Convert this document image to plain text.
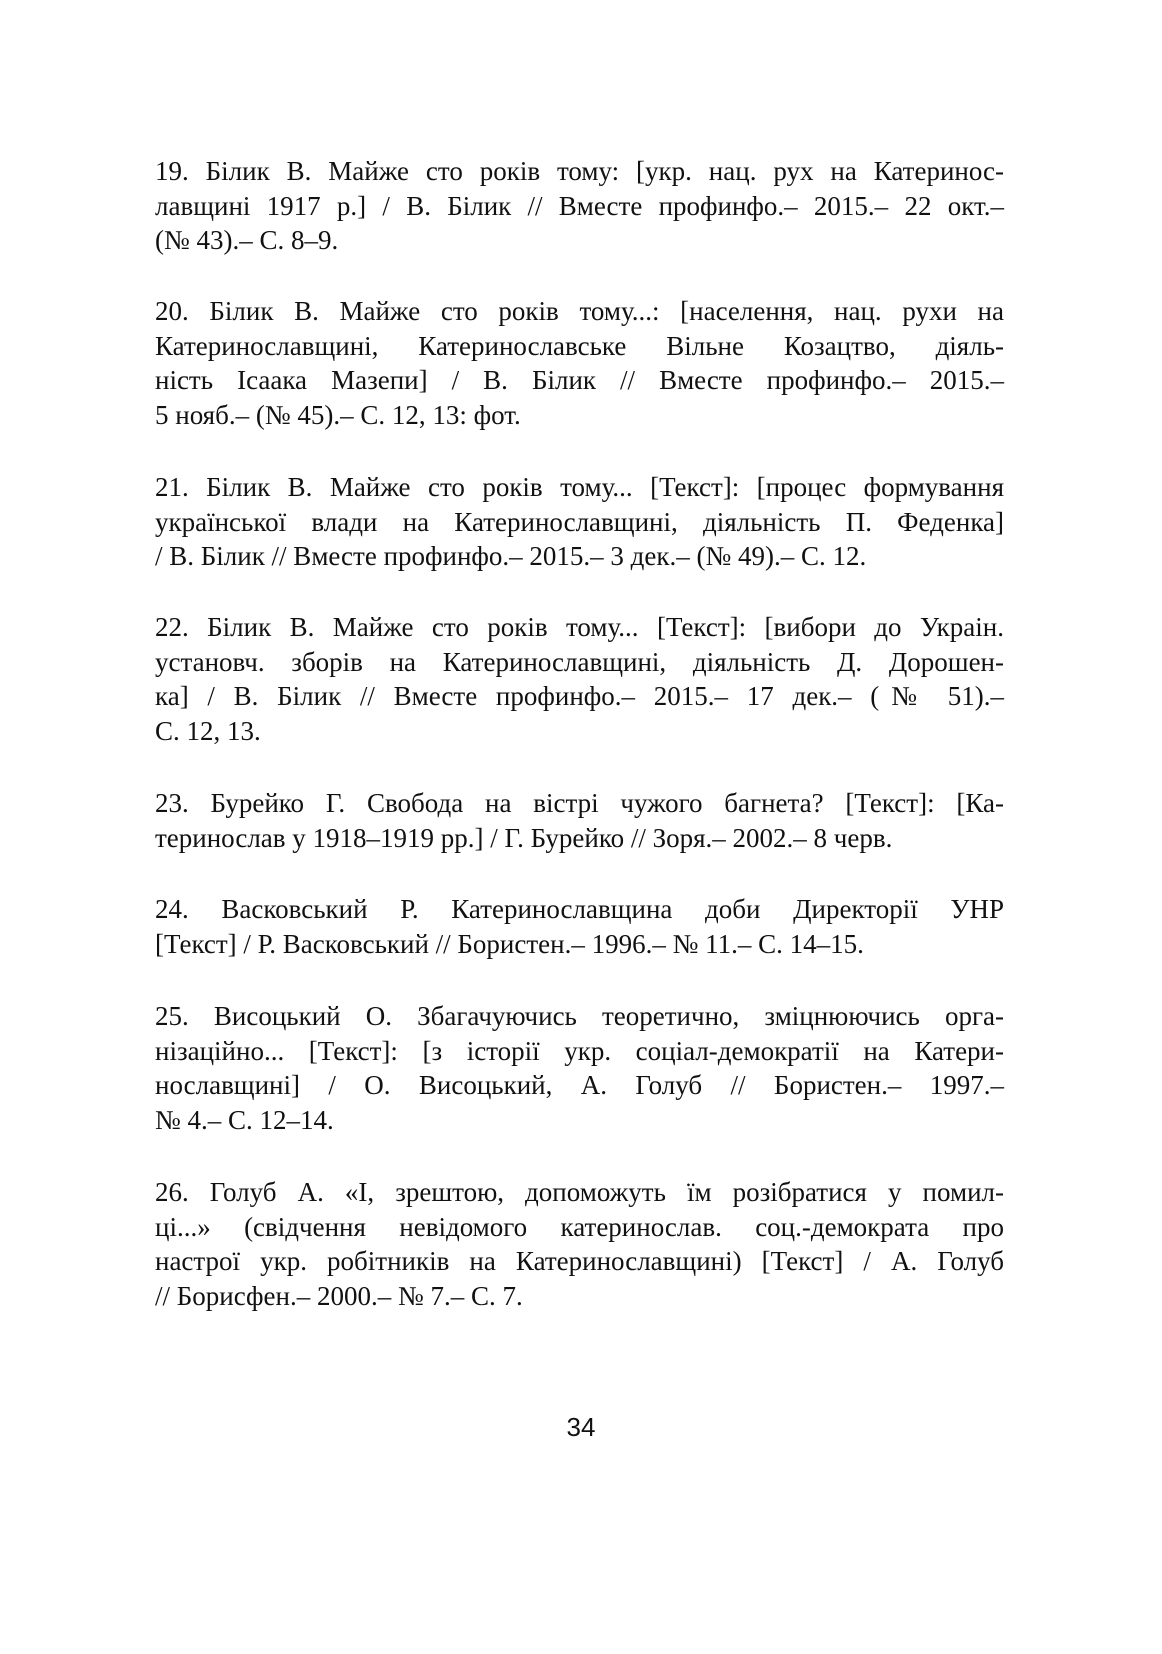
19. Білик В. Майже сто років тому: [укр. нац. рух на Катеринос-
лавщині 1917 р.] / В. Білик // Вместе профинфо.– 2015.– 22 окт.–
(№ 43).– С. 8–9.
20. Білик В. Майже сто років тому...: [населення, нац. рухи на
Катеринославщині, Катеринославське Вільне Козацтво, діяль-
ність Ісаака Мазепи] / В. Білик // Вместе профинфо.– 2015.–
5 нояб.– (№ 45).– С. 12, 13: фот.
21. Білик В. Майже сто років тому... [Текст]: [процес формування
української влади на Катеринославщині, діяльність П. Феденка]
/ В. Білик // Вместе профинфо.– 2015.– 3 дек.– (№ 49).– С. 12.
22. Білик В. Майже сто років тому... [Текст]: [вибори до Украін.
установч. зборів на Катеринославщині, діяльність Д. Дорошен-
ка] / В. Білик // Вместе профинфо.– 2015.– 17 дек.– (№ 51).–
С. 12, 13.
23. Бурейко Г. Свобода на вістрі чужого багнета? [Текст]: [Ка-
теринослав у 1918–1919 рр.] / Г. Бурейко // Зоря.– 2002.– 8 черв.
24. Васковський Р. Катеринославщина доби Директорії УНР
[Текст] / Р. Васковський // Бористен.– 1996.– № 11.– С. 14–15.
25. Висоцький О. Збагачуючись теоретично, зміцнюючись орга-
нізаційно... [Текст]: [з історії укр. соціал-демократії на Катери-
нославщині] / О. Висоцький, А. Голуб // Бористен.– 1997.–
№ 4.– С. 12–14.
26. Голуб А. «І, зрештою, допоможуть їм розібратися у помил-
ці...» (свідчення невідомого катеринослав. соц.-демократа про
настрої укр. робітників на Катеринославщині) [Текст] / А. Голуб
// Борисфен.– 2000.– № 7.– С. 7.
34
